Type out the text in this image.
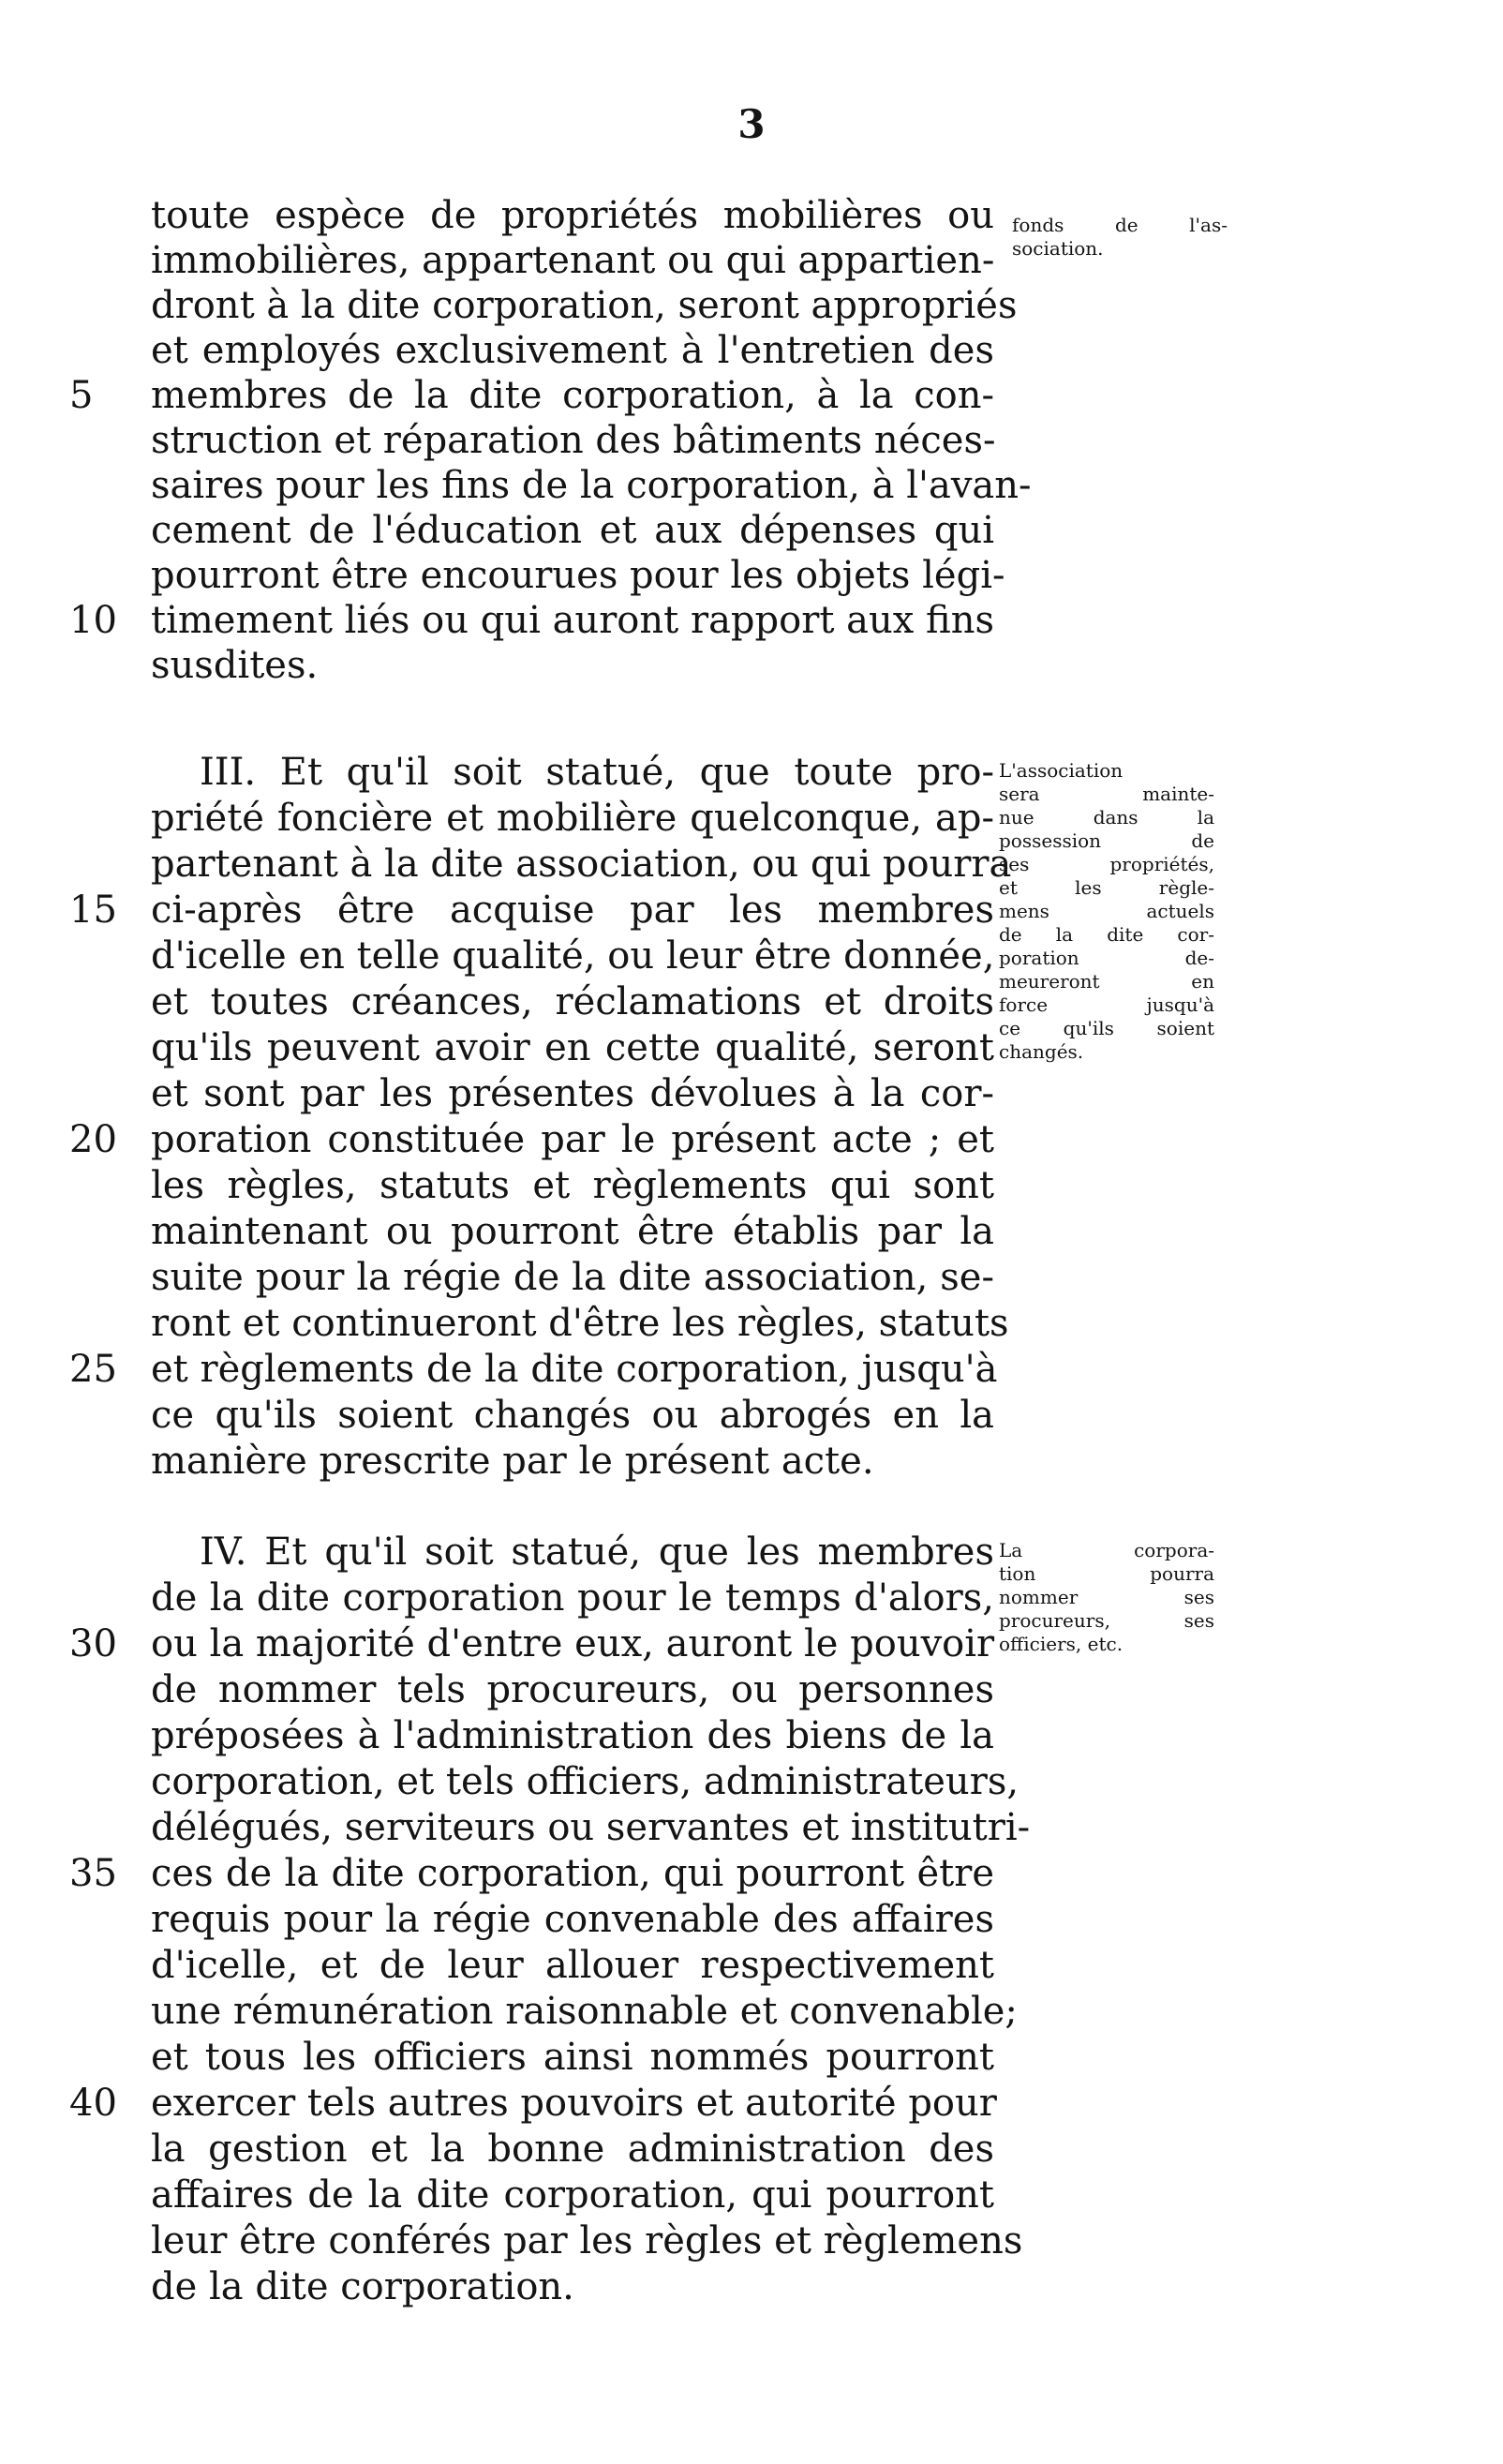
3
toute espèce de propriétés mobilières ou
immobilières, appartenant ou qui appartien-
dront à la dite corporation, seront appropriés
et employés exclusivement à l'entretien des
membres de la dite corporation, à la con-
struction et réparation des bâtiments néces-
saires pour les fins de la corporation, à l'avan-
cement de l'éducation et aux dépenses qui
pourront être encourues pour les objets légi-
timement liés ou qui auront rapport aux fins
susdites.
III. Et qu'il soit statué, que toute pro-
priété foncière et mobilière quelconque, ap-
partenant à la dite association, ou qui pourra
ci-après être acquise par les membres
d'icelle en telle qualité, ou leur être donnée,
et toutes créances, réclamations et droits
qu'ils peuvent avoir en cette qualité, seront
et sont par les présentes dévolues à la cor-
poration constituée par le présent acte ; et
les règles, statuts et règlements qui sont
maintenant ou pourront être établis par la
suite pour la régie de la dite association, se-
ront et continueront d'être les règles, statuts
et règlements de la dite corporation, jusqu'à
ce qu'ils soient changés ou abrogés en la
manière prescrite par le présent acte.
IV. Et qu'il soit statué, que les membres
de la dite corporation pour le temps d'alors,
ou la majorité d'entre eux, auront le pouvoir
de nommer tels procureurs, ou personnes
préposées à l'administration des biens de la
corporation, et tels officiers, administrateurs,
délégués, serviteurs ou servantes et institutri-
ces de la dite corporation, qui pourront être
requis pour la régie convenable des affaires
d'icelle, et de leur allouer respectivement
une rémunération raisonnable et convenable;
et tous les officiers ainsi nommés pourront
exercer tels autres pouvoirs et autorité pour
la gestion et la bonne administration des
affaires de la dite corporation, qui pourront
leur être conférés par les règles et règlemens
de la dite corporation.
5
10
15
20
25
30
35
40
fonds de l'as-
sociation.
L'association
sera mainte-
nue dans la
possession de
ses propriétés,
et les règle-
mens actuels
de la dite cor-
poration de-
meureront en
force jusqu'à
ce qu'ils soient
changés.
La corpora-
tion pourra
nommer ses
procureurs, ses
officiers, etc.
